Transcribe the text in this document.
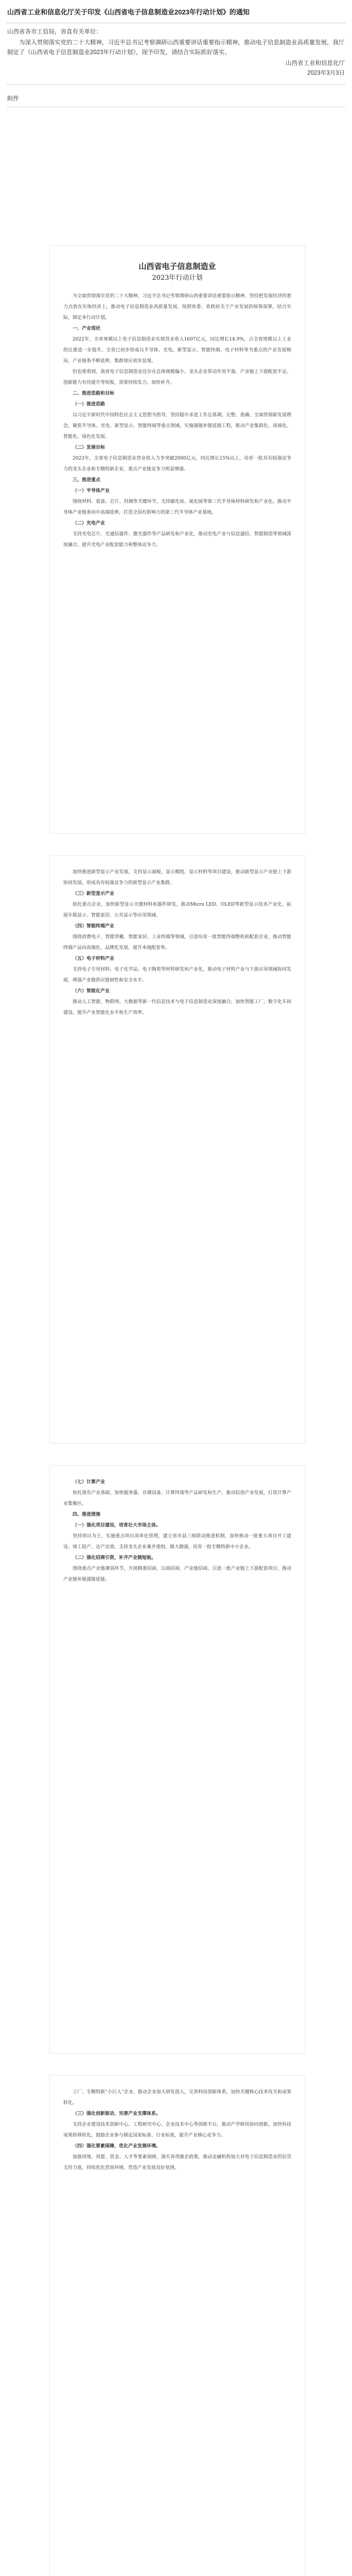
山西省工业和信息化厅关于印发《山西省电子信息制造业2023年行动计划》的通知

山西省各市工信局，省直有关单位：

为深入贯彻落实党的二十大精神，习近平总书记考察调研山西重要讲话重要指示精神，推动电子信息制造业高质量发展，我厅制定了《山西省电子信息制造业2023年行动计划》，现予印发，请结合实际抓好落实。

山西省工业和信息化厅

2023年3月3日

附件
山西省电子信息制造业
2023年行动计划

为全面贯彻落实党的二十大精神，习近平总书记考察调研山西重要讲话重要指示精神，坚持把发展经济的着力点放在实体经济上，推动电子信息制造业高质量发展，按照省委、省政府关于产业发展的统筹部署，结合实际，制定本行动计划。

一、产业现状

2022年，全省规模以上电子信息制造业实现营业收入1697亿元，同比增长14.9%，占全省规模以上工业的比重进一步提升。全省已初步形成以半导体、光电、新型显示、智能终端、电子材料等为重点的产业发展格局，产业链条不断延伸，集群效应初步显现。

但也要看到，我省电子信息制造业还存在总体规模偏小、龙头企业带动作用不强、产业链上下游配套不足、创新能力有待提升等短板，需要持续发力、加快补齐。

二、推进思路和目标

（一）推进思路

以习近平新时代中国特色社会主义思想为指导，坚持稳中求进工作总基调，完整、准确、全面贯彻新发展理念，聚焦半导体、光电、新型显示、智能终端等重点领域，实施强链补链延链工程，推动产业集群化、高端化、智能化、绿色化发展。

（二）发展目标

2023年，全省电子信息制造业营业收入力争突破2000亿元，同比增长15%以上，培育一批具有较强竞争力的龙头企业和专精特新企业，重点产业链竞争力明显增强。

三、推进重点

（一）半导体产业

围绕材料、装备、芯片、封测等关键环节，支持碳化硅、氮化镓等第三代半导体材料研发和产业化，推动半导体产业链条向中高端延伸，打造全国有影响力的第三代半导体产业基地。

（二）光电产业

支持光电芯片、光通信器件、激光器件等产品研发和产业化，推动光电产业与信息通信、智能制造等领域深度融合，提升光电产业配套能力和整体竞争力。

加快推进新型显示产业发展，支持显示面板、显示模组、显示材料等项目建设，推动新型显示产业链上下游协同发展，形成具有较强竞争力的新型显示产业集群。

（三）新型显示产业

依托重点企业，加快新型显示关键材料和器件研发，推动Micro LED、OLED等新型显示技术产业化，拓展车载显示、智能家居、公共显示等应用领域。

（四）智能终端产业

围绕消费电子、智能穿戴、智能家居、工业终端等领域，引进培育一批智能终端整机和配套企业，推动智能终端产品向高端化、品牌化发展，提升本地配套率。

（五）电子材料产业

支持电子专用材料、电子化学品、电子陶瓷等材料研发和产业化，推动电子材料产业与下游应用领域协同发展，增强产业链供应链韧性和安全水平。

（六）智能化产业

推动人工智能、物联网、大数据等新一代信息技术与电子信息制造业深度融合，加快智能工厂、数字化车间建设，提升产业智能化水平和生产效率。

（七）计算产业

依托现有产业基础，加快服务器、存储设备、计算终端等产品研发和生产，推动信创产业发展，打造计算产业集聚区。

四、推进措施

（一）强化项目建设，培育壮大市场主体。

坚持项目为王，实施重点项目清单化管理，建立省市县三级联动推进机制，加快推动一批重大项目开工建设、竣工投产、达产达效。支持龙头企业兼并重组、做大做强，培育一批专精特新中小企业。

（二）强化招商引资，补齐产业链短板。

围绕重点产业链薄弱环节，开展精准招商、以商招商、产业链招商，引进一批产业链上下游配套项目，推动产业链补链强链延链。

工厂、专精特新“小巨人”企业，推动企业加大研发投入，完善科技创新体系，加快关键核心技术攻关和成果转化。

（三）强化创新驱动，完善产业支撑体系。

支持企业建设技术创新中心、工程研究中心、企业技术中心等创新平台，推动产学研用协同创新，加快科技成果转移转化。鼓励企业参与制定国家标准、行业标准，提升产业核心竞争力。

（四）强化要素保障，优化产业发展环境。

加强用地、用能、资金、人才等要素保障，落实各项惠企政策，推动金融机构加大对电子信息制造业的信贷支持力度，持续优化营商环境，营造产业发展良好氛围。
